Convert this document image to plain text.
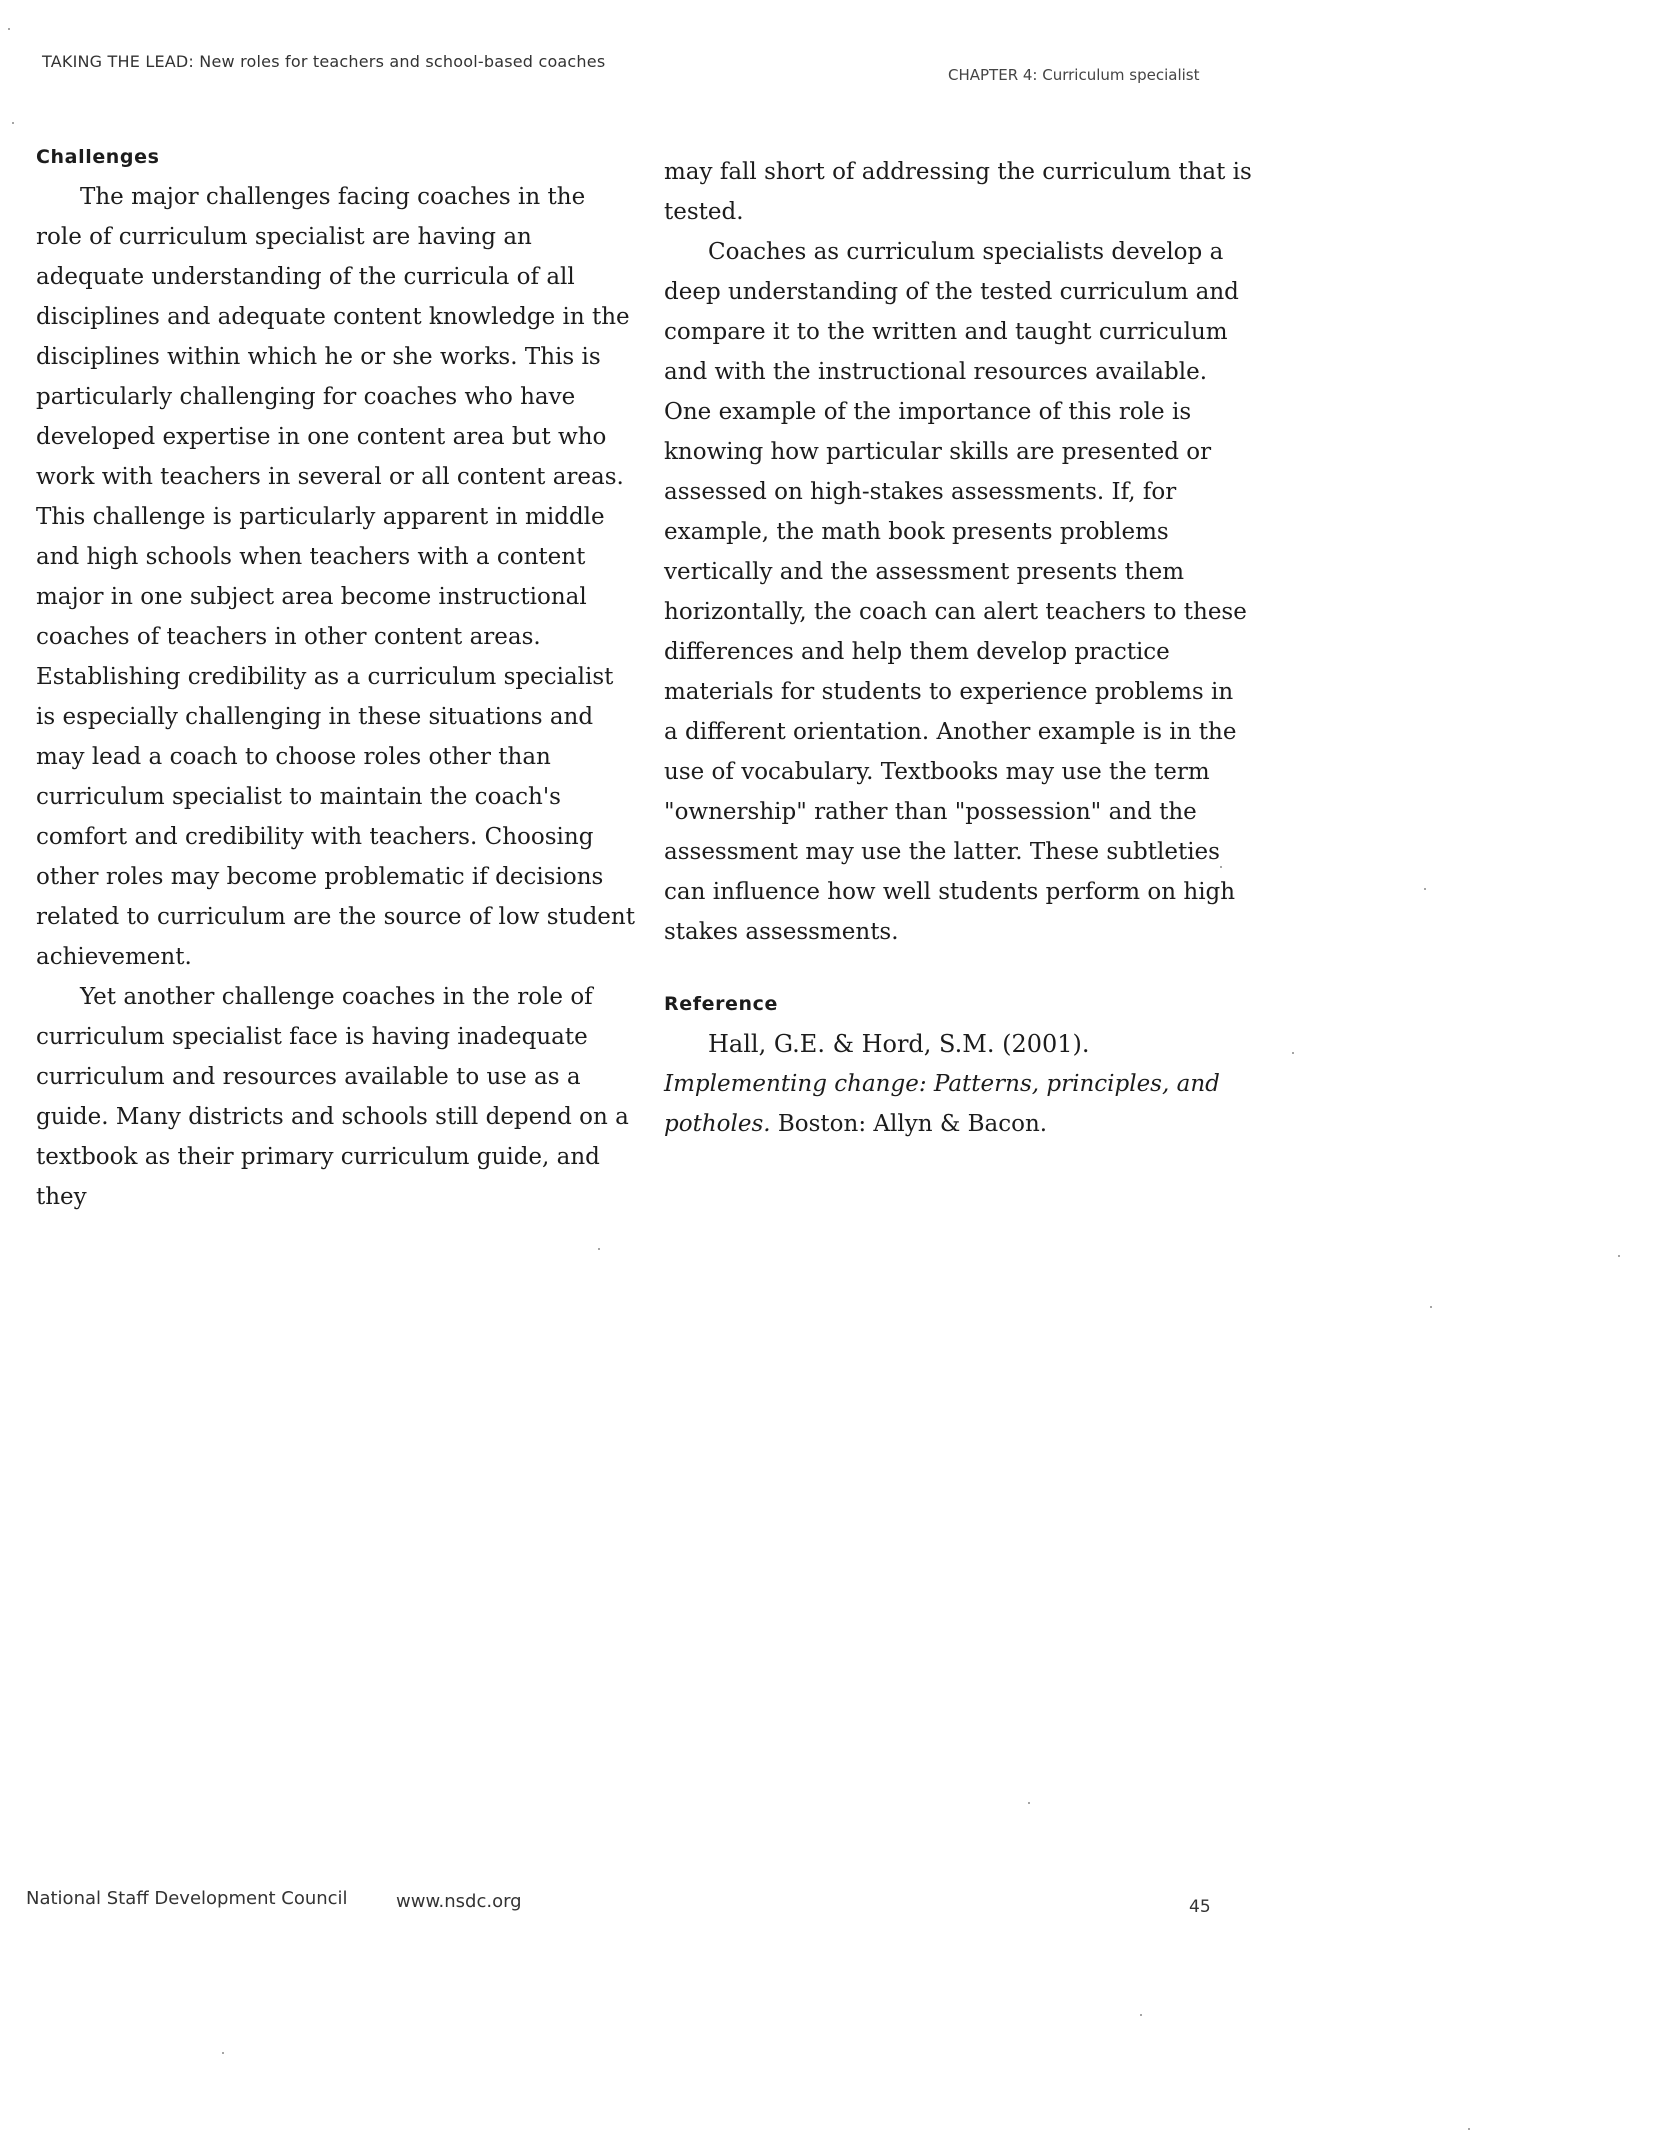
TAKING THE LEAD: New roles for teachers and school-based coaches
CHAPTER 4: Curriculum specialist
Challenges

The major challenges facing coaches in the role of curriculum specialist are having an adequate understanding of the curricula of all disciplines and adequate content knowledge in the disciplines within which he or she works. This is particularly challenging for coaches who have developed expertise in one content area but who work with teachers in several or all content areas. This challenge is particularly apparent in middle and high schools when teachers with a content major in one subject area become instructional coaches of teachers in other content areas. Establishing credibility as a curriculum specialist is especially challenging in these situations and may lead a coach to choose roles other than curriculum specialist to maintain the coach's comfort and credibility with teachers. Choosing other roles may become problematic if decisions related to curriculum are the source of low student achievement.

Yet another challenge coaches in the role of curriculum specialist face is having inadequate curriculum and resources available to use as a guide. Many districts and schools still depend on a textbook as their primary curriculum guide, and they

may fall short of addressing the curriculum that is tested.

Coaches as curriculum specialists develop a deep understanding of the tested curriculum and compare it to the written and taught curriculum and with the instructional resources available. One example of the importance of this role is knowing how particular skills are presented or assessed on high-stakes assessments. If, for example, the math book presents problems vertically and the assessment presents them horizontally, the coach can alert teachers to these differences and help them develop practice materials for students to experience problems in a different orientation. Another example is in the use of vocabulary. Textbooks may use the term "ownership" rather than "possession" and the assessment may use the latter. These subtleties can influence how well students perform on high stakes assessments.

Reference
Hall, G.E. & Hord, S.M. (2001).
Implementing change: Patterns, principles, and potholes. Boston: Allyn & Bacon.
National Staff Development Council	www.nsdc.org	45
